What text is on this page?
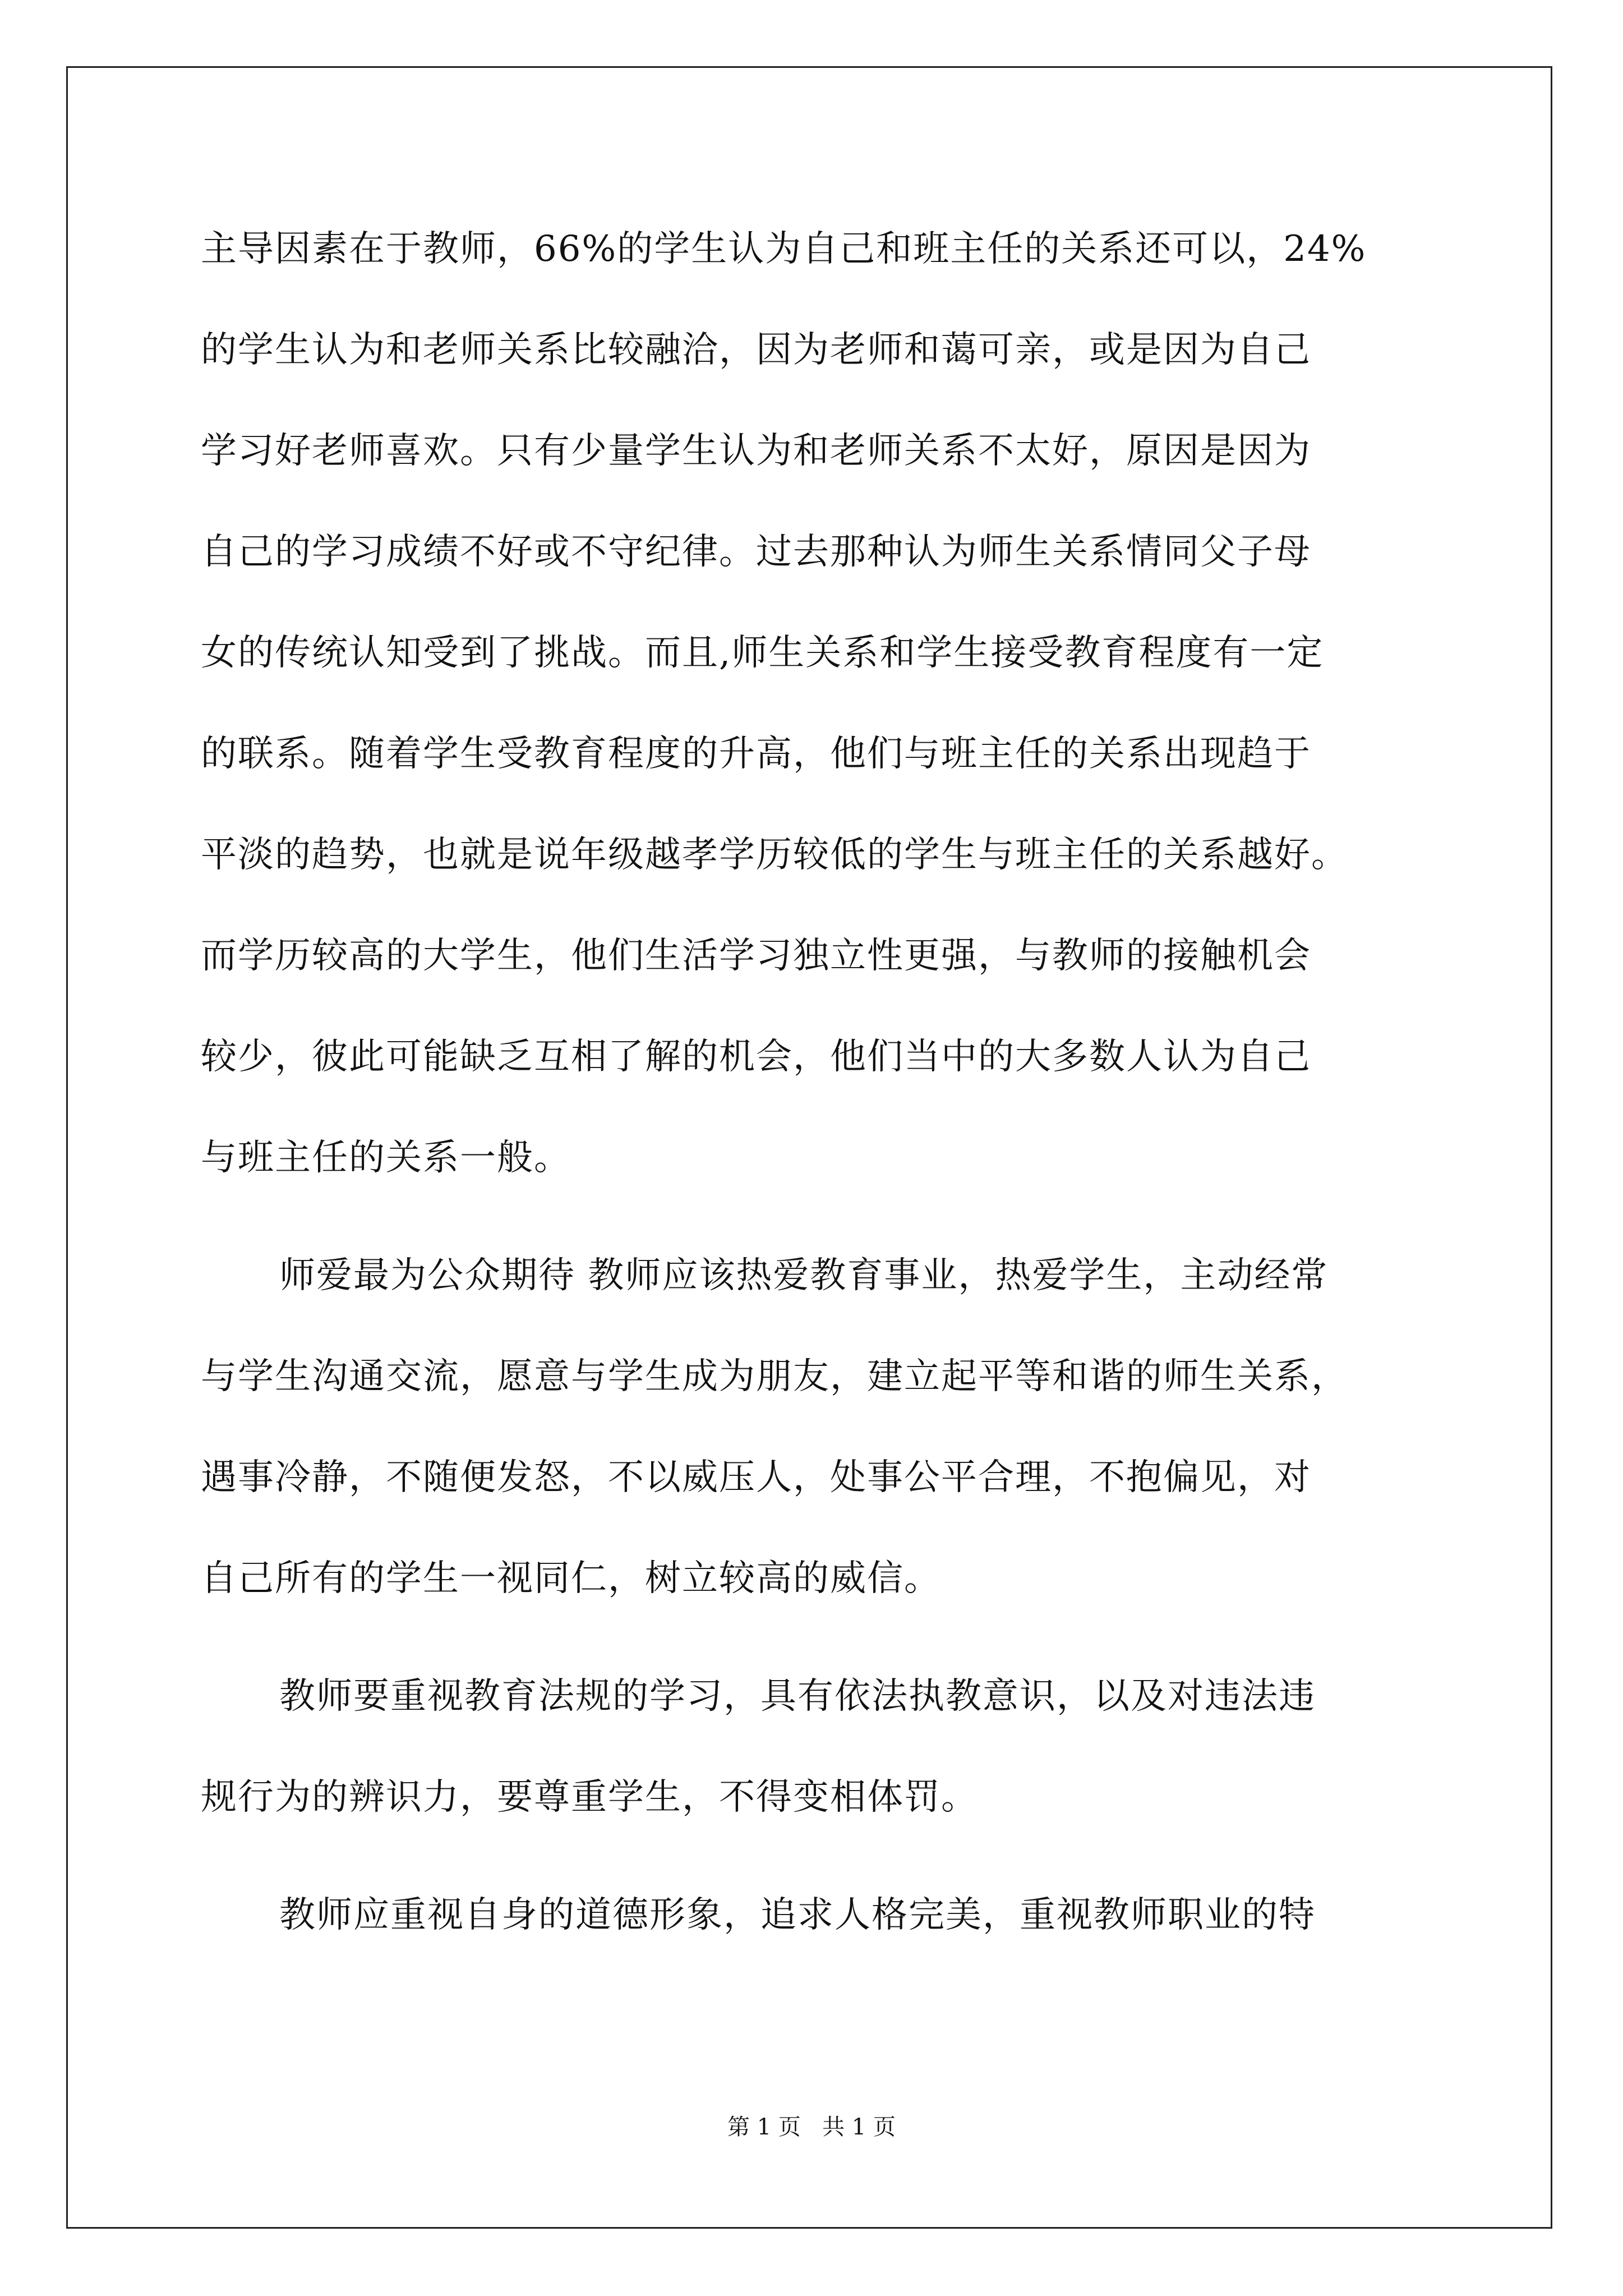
主导因素在于教师，66%的学生认为自己和班主任的关系还可以，24%
的学生认为和老师关系比较融洽，因为老师和蔼可亲，或是因为自己
学习好老师喜欢。只有少量学生认为和老师关系不太好，原因是因为
自己的学习成绩不好或不守纪律。过去那种认为师生关系情同父子母
女的传统认知受到了挑战。而且,师生关系和学生接受教育程度有一定
的联系。随着学生受教育程度的升高，他们与班主任的关系出现趋于
平淡的趋势，也就是说年级越孝学历较低的学生与班主任的关系越好。
而学历较高的大学生，他们生活学习独立性更强，与教师的接触机会
较少，彼此可能缺乏互相了解的机会，他们当中的大多数人认为自己
与班主任的关系一般。
师爱最为公众期待 教师应该热爱教育事业，热爱学生，主动经常
与学生沟通交流，愿意与学生成为朋友，建立起平等和谐的师生关系，
遇事冷静，不随便发怒，不以威压人，处事公平合理，不抱偏见，对
自己所有的学生一视同仁，树立较高的威信。
教师要重视教育法规的学习，具有依法执教意识，以及对违法违
规行为的辨识力，要尊重学生，不得变相体罚。
教师应重视自身的道德形象，追求人格完美，重视教师职业的特
第 1 页   共 1 页
